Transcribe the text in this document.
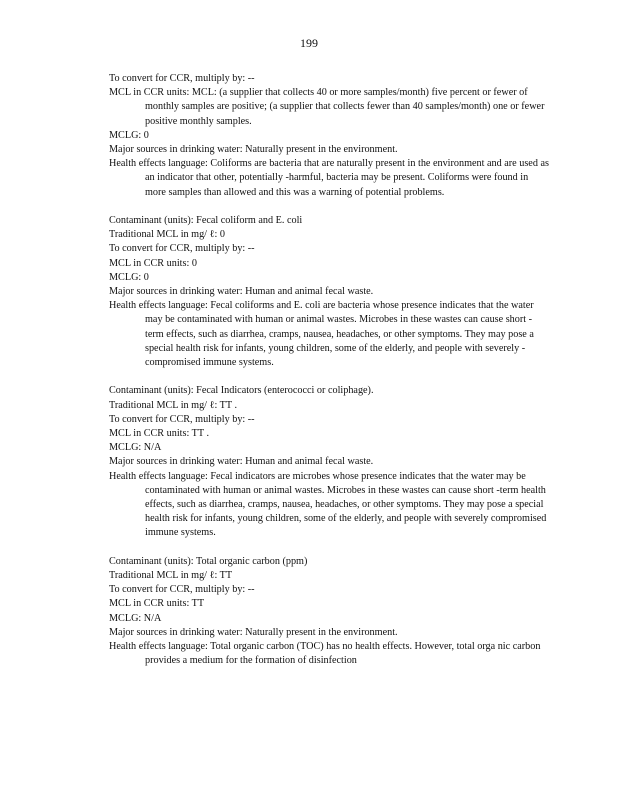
199
To convert for CCR, multiply by: --
MCL in CCR units: MCL: (a supplier that collects 40 or more samples/month) five percent or fewer of monthly samples are positive; (a supplier that collects fewer than 40 samples/month) one or fewer positive monthly samples.
MCLG: 0
Major sources in drinking water: Naturally present in the environment.
Health effects language: Coliforms are bacteria that are naturally present in the environment and are used as an indicator that other, potentially -harmful, bacteria may be present. Coliforms were found in more samples than allowed and this was a warning of potential problems.
Contaminant (units): Fecal coliform and E. coli
Traditional MCL in mg/ ℓ: 0
To convert for CCR, multiply by: --
MCL in CCR units: 0
MCLG: 0
Major sources in drinking water: Human and animal fecal waste.
Health effects language: Fecal coliforms and E. coli are bacteria whose presence indicates that the water may be contaminated with human or animal wastes. Microbes in these wastes can cause short - term effects, such as diarrhea, cramps, nausea, headaches, or other symptoms. They may pose a special health risk for infants, young children, some of the elderly, and people with severely - compromised immune systems.
Contaminant (units): Fecal Indicators (enterococci or coliphage).
Traditional MCL in mg/ ℓ: TT .
To convert for CCR, multiply by: --
MCL in CCR units: TT .
MCLG: N/A
Major sources in drinking water: Human and animal fecal waste.
Health effects language: Fecal indicators are microbes whose presence indicates that the water may be contaminated with human or animal wastes. Microbes in these wastes can cause short -term health effects, such as diarrhea, cramps, nausea, headaches, or other symptoms. They may pose a special health risk for infants, young children, some of the elderly, and people with severely compromised immune systems.
Contaminant (units): Total organic carbon (ppm)
Traditional MCL in mg/ ℓ: TT
To convert for CCR, multiply by: --
MCL in CCR units: TT
MCLG: N/A
Major sources in drinking water: Naturally present in the environment.
Health effects language: Total organic carbon (TOC) has no health effects. However, total orga nic carbon provides a medium for the formation of disinfection
